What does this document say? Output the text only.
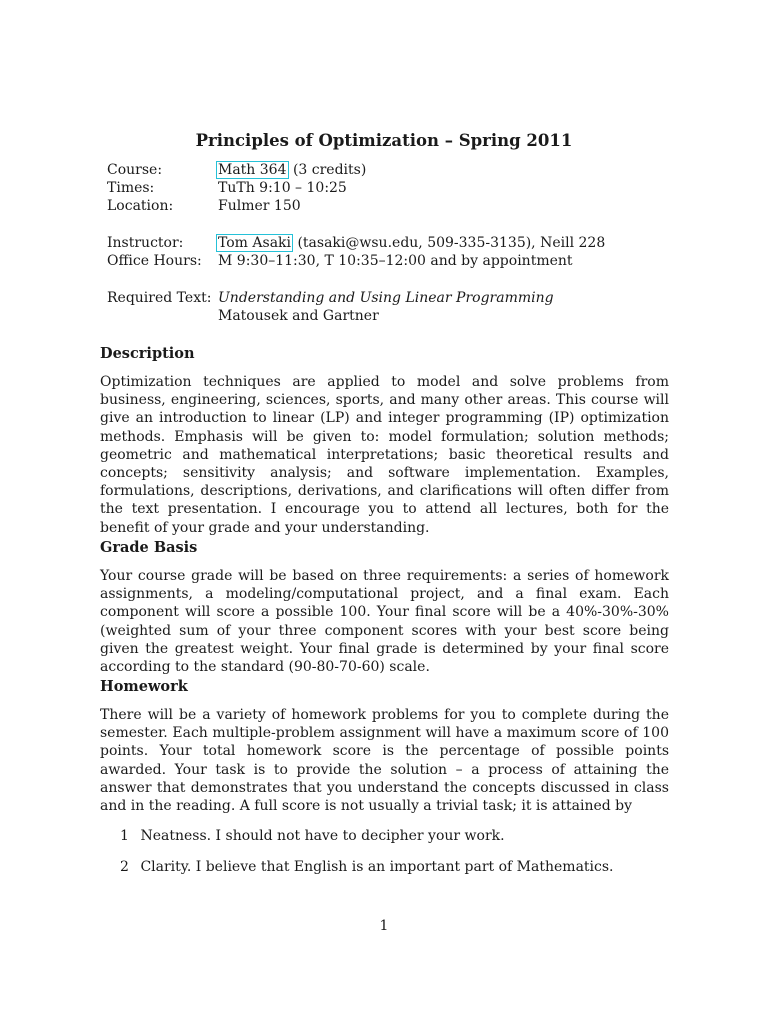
Principles of Optimization – Spring 2011
Course:	Math 364 (3 credits)
Times:	TuTh 9:10 – 10:25
Location:	Fulmer 150
Instructor:	Tom Asaki (tasaki@wsu.edu, 509-335-3135), Neill 228
Office Hours:	M 9:30–11:30, T 10:35–12:00 and by appointment
Required Text: Understanding and Using Linear Programming
Matousek and Gartner
Description

Optimization techniques are applied to model and solve problems from business, engineering, sciences, sports, and many other areas. This course will give an introduction to linear (LP) and integer programming (IP) optimization methods. Emphasis will be given to: model formulation; solution methods; geometric and mathematical interpretations; basic theoretical results and concepts; sensitivity analysis; and software implementation. Examples, formulations, descriptions, derivations, and clarifications will often differ from the text presentation. I encourage you to attend all lectures, both for the benefit of your grade and your understanding.

Grade Basis

Your course grade will be based on three requirements: a series of homework assignments, a modeling/computational project, and a final exam. Each component will score a possible 100. Your final score will be a 40%-30%-30% (weighted sum of your three component scores with your best score being given the greatest weight. Your final grade is determined by your final score according to the standard (90-80-70-60) scale.

Homework

There will be a variety of homework problems for you to complete during the semester. Each multiple-problem assignment will have a maximum score of 100 points. Your total homework score is the percentage of possible points awarded. Your task is to provide the solution – a process of attaining the answer that demonstrates that you understand the concepts discussed in class and in the reading. A full score is not usually a trivial task; it is attained by

1 Neatness. I should not have to decipher your work.
2 Clarity. I believe that English is an important part of Mathematics.
1
